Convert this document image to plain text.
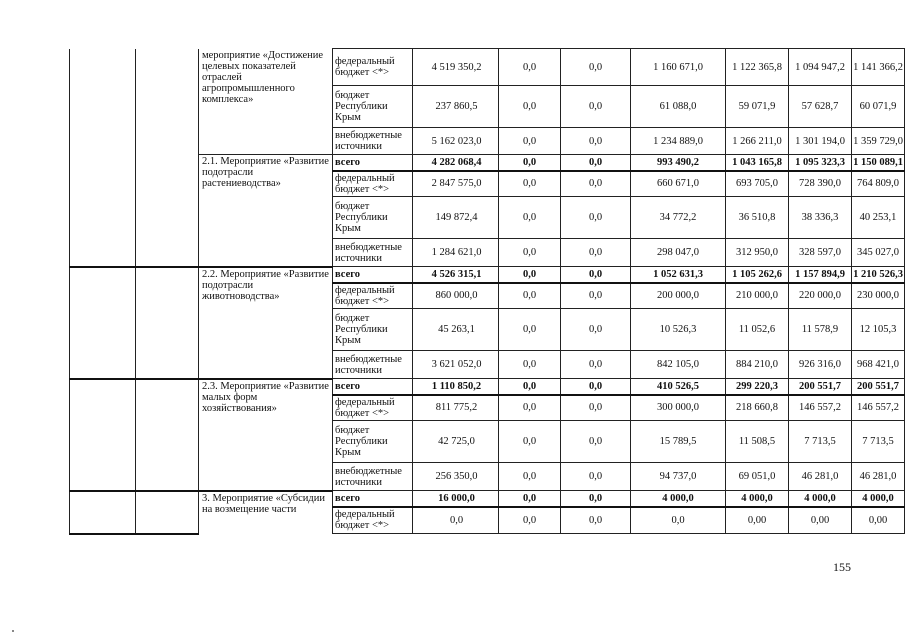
		мероприятие «Достижение целевых показателей отраслей агропромышленного комплекса»	федеральный бюджет <*>	4 519 350,2	0,0	0,0	1 160 671,0	1 122 365,8	1 094 947,2	1 141 366,2
			бюджет Республики Крым	237 860,5	0,0	0,0	61 088,0	59 071,9	57 628,7	60 071,9
			внебюджетные источники	5 162 023,0	0,0	0,0	1 234 889,0	1 266 211,0	1 301 194,0	1 359 729,0
		2.1. Мероприятие «Развитие подотрасли растениеводства»	всего	4 282 068,4	0,0	0,0	993 490,2	1 043 165,8	1 095 323,3	1 150 089,1
			федеральный бюджет <*>	2 847 575,0	0,0	0,0	660 671,0	693 705,0	728 390,0	764 809,0
			бюджет Республики Крым	149 872,4	0,0	0,0	34 772,2	36 510,8	38 336,3	40 253,1
			внебюджетные источники	1 284 621,0	0,0	0,0	298 047,0	312 950,0	328 597,0	345 027,0
		2.2. Мероприятие «Развитие подотрасли животноводства»	всего	4 526 315,1	0,0	0,0	1 052 631,3	1 105 262,6	1 157 894,9	1 210 526,3
			федеральный бюджет <*>	860 000,0	0,0	0,0	200 000,0	210 000,0	220 000,0	230 000,0
			бюджет Республики Крым	45 263,1	0,0	0,0	10 526,3	11 052,6	11 578,9	12 105,3
			внебюджетные источники	3 621 052,0	0,0	0,0	842 105,0	884 210,0	926 316,0	968 421,0
		2.3. Мероприятие «Развитие малых форм хозяйствования»	всего	1 110 850,2	0,0	0,0	410 526,5	299 220,3	200 551,7	200 551,7
			федеральный бюджет <*>	811 775,2	0,0	0,0	300 000,0	218 660,8	146 557,2	146 557,2
			бюджет Республики Крым	42 725,0	0,0	0,0	15 789,5	11 508,5	7 713,5	7 713,5
			внебюджетные источники	256 350,0	0,0	0,0	94 737,0	69 051,0	46 281,0	46 281,0
		3. Мероприятие «Субсидии на возмещение части	всего	16 000,0	0,0	0,0	4 000,0	4 000,0	4 000,0	4 000,0
			федеральный бюджет <*>	0,0	0,0	0,0	0,0	0,00	0,00	0,00
155
